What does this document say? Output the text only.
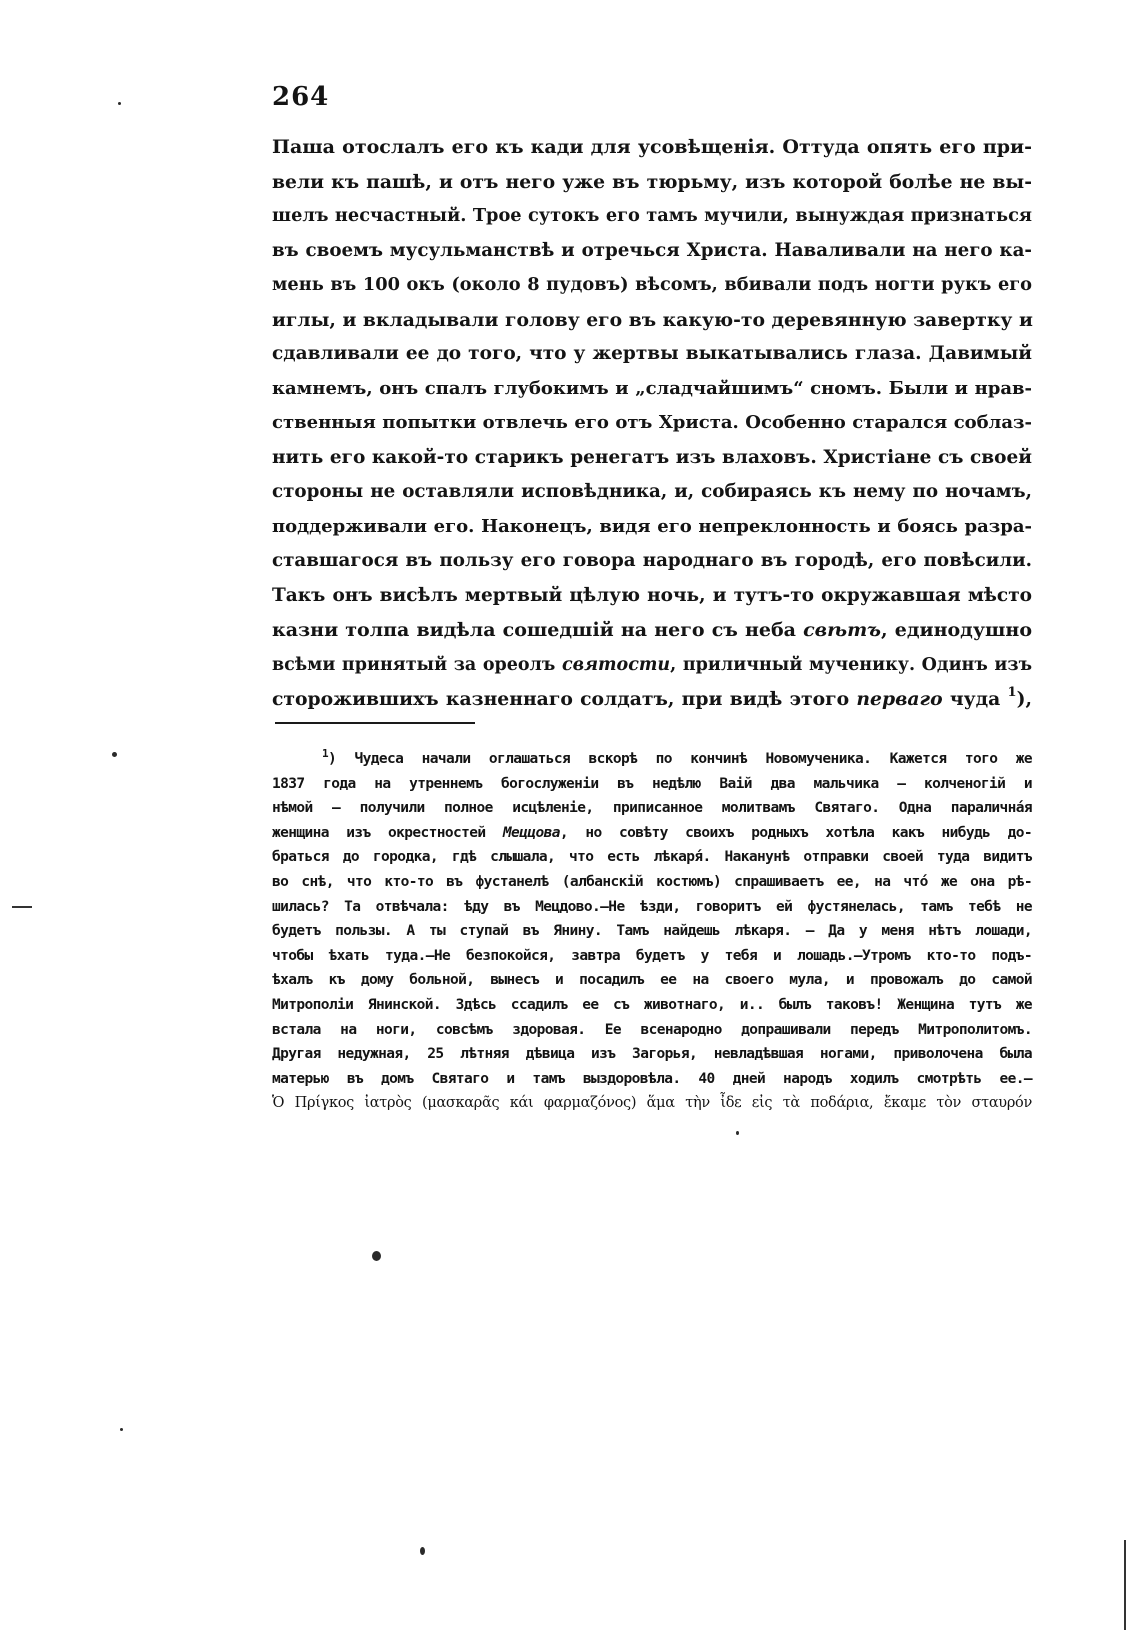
264
Паша отослалъ его къ кади для усовѣщенія. Оттуда опять его при-
вели къ пашѣ, и отъ него уже въ тюрьму, изъ которой болѣе не вы-
шелъ несчастный. Трое сутокъ его тамъ мучили, вынуждая признаться
въ своемъ мусульманствѣ и отречься Христа. Наваливали на него ка-
мень въ 100 окъ (около 8 пудовъ) вѣсомъ, вбивали подъ ногти рукъ его
иглы, и вкладывали голову его въ какую-то деревянную завертку и
сдавливали ее до того, что у жертвы выкатывались глаза. Давимый
камнемъ, онъ спалъ глубокимъ и „сладчайшимъ“ сномъ. Были и нрав-
ственныя попытки отвлечь его отъ Христа. Особенно старался соблаз-
нить его какой-то старикъ ренегатъ изъ влаховъ. Христіане съ своей
стороны не оставляли исповѣдника, и, собираясь къ нему по ночамъ,
поддерживали его. Наконецъ, видя его непреклонность и боясь разра-
ставшагося въ пользу его говора народнаго въ городѣ, его повѣсили.
Такъ онъ висѣлъ мертвый цѣлую ночь, и тутъ-то окружавшая мѣсто
казни толпа видѣла сошедшій на него съ неба свѣтъ, единодушно
всѣми принятый за ореолъ святости, приличный мученику. Одинъ изъ
сторожившихъ казненнаго солдатъ, при видѣ этого перваго чуда $^1$),
$^1$) Чудеса начали оглашаться вскорѣ по кончинѣ Новомученика. Кажется того же
1837 года на утреннемъ богослуженіи въ недѣлю Вaiй два мальчика — колченогій и
нѣмой — получили полное исцѣленіе, приписанное молитвамъ Святаго. Одна паралична́я
женщина изъ окрестностей Меццова, но совѣту своихъ родныхъ хотѣла какъ нибудь до-
браться до городка, гдѣ слышала, что есть лѣкаря́. Наканунѣ отправки своей туда видитъ
во снѣ, что кто-то въ фустанелѣ (албанскій костюмъ) спрашиваетъ ее, на что́ же она рѣ-
шилась? Та отвѣчала: ѣду въ Мецдово.—Не ѣзди, говоритъ ей фустянелась, тамъ тебѣ не
будетъ пользы. А ты ступай въ Янину. Тамъ найдешь лѣкаря. — Да у меня нѣтъ лошади,
чтобы ѣхать туда.—Не безпокойся, завтра будетъ у тебя и лошадь.—Утромъ кто-то подъ-
ѣхалъ къ дому больной, вынесъ и посадилъ ее на своего мула, и провожалъ до самой
Митрополіи Янинской. Здѣсь ссадилъ ее съ животнаго, и.. былъ таковъ! Женщина тутъ же
встала на ноги, совсѣмъ здоровая. Ее всенародно допрашивали передъ Митрополитомъ.
Другая недужная, 25 лѣтняя дѣвица изъ Загорья, невладѣвшая ногами, приволочена была
матерью въ домъ Святаго и тамъ выздоровѣла. 40 дней народъ ходилъ смотрѣть ее.—
Ὁ Πρίγκος ἰατρὸς (μασκαρᾶς κάι φαρμαζόνος) ἅμα τὴν ἶδε εἰς τὰ ποδάρια, ἔκαμε τὸν σταυρόν
